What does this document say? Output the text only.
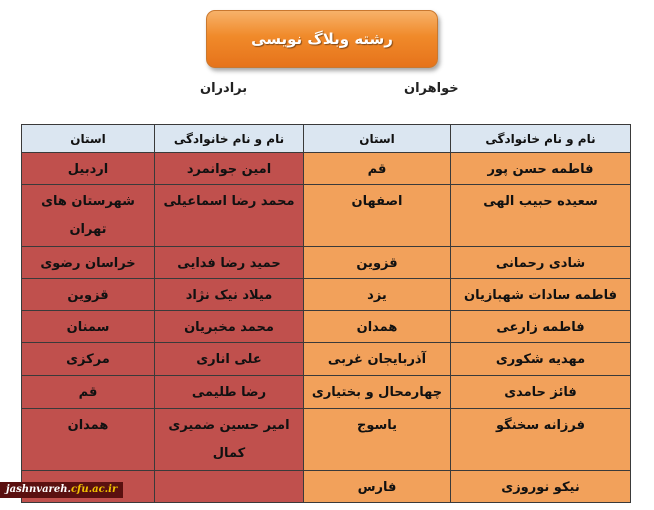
رشته وبلاگ نویسی
خواهران
برادران
نام و نام خانوادگی	استان	نام و نام خانوادگی	استان
فاطمه حسن پور	قم	امین جوانمرد	اردبیل
سعیده حبیب الهی	اصفهان	محمد رضا اسماعیلی	شهرستان های تهران
شادی رحمانی	قزوین	حمید رضا فدایی	خراسان رضوی
فاطمه سادات شهبازیان	یزد	میلاد نیک نژاد	قزوین
فاطمه زارعی	همدان	محمد مخبریان	سمنان
مهدیه شکوری	آذربایجان غربی	علی اناری	مرکزی
فائز حامدی	چهارمحال و بختیاری	رضا طلیمی	قم
فرزانه سخنگو	یاسوج	امیر حسین ضمیری کمال	همدان
نیکو نوروزی	فارس		
jashnvareh.cfu.ac.ir
